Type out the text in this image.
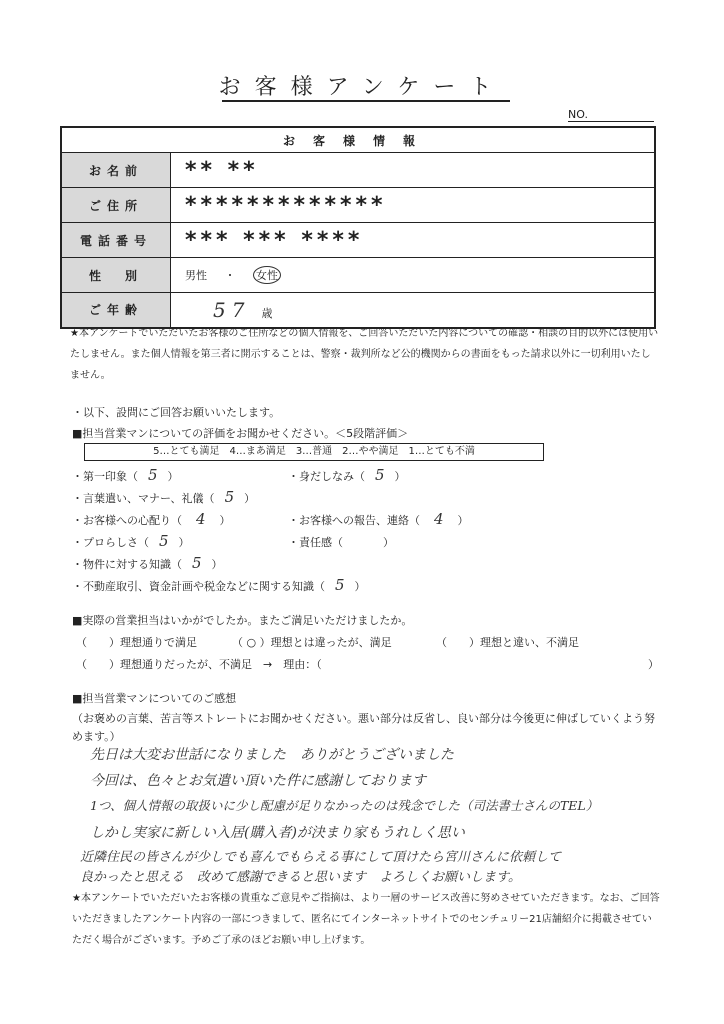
お客様アンケート
NO.
お客様情報	
お名前	** **
ご住所	*************
電話番号	*** *** ****
性　別	男性 ・ 女性
ご年齢	57 歳
★本アンケートでいただいたお客様のご住所などの個人情報を、ご回答いただいた内容についての確認・相談の目的以外には使用いたしません。また個人情報を第三者に開示することは、警察・裁判所など公的機関からの書面をもった請求以外に一切利用いたしません。
・以下、設問にご回答お願いいたします。
■担当営業マンについての評価をお聞かせください。＜5段階評価＞
5…とても満足　4…まあ満足　3…普通　2…やや満足　1…とても不満
・第一印象（ 5 ）	・身だしなみ（ 5 ）
・言葉遣い、マナー、礼儀（ 5 ）
・お客様への心配り（ 4 ）	・お客様への報告、連絡（ 4 ）
・プロらしさ（ 5 ）	・責任感（	）
・物件に対する知識（ 5 ）
・不動産取引、資金計画や税金などに関する知識（ 5 ）
■実際の営業担当はいかがでしたか。またご満足いただけましたか。
（　　）理想通りで満足	（ ○ ）理想とは違ったが、満足	（　　）理想と違い、不満足
（　　）理想通りだったが、不満足　→　理由：（	）
■担当営業マンについてのご感想
（お褒めの言葉、苦言等ストレートにお聞かせください。悪い部分は反省し、良い部分は今後更に伸ばしていくよう努めます。）
先日は大変お世話になりました　ありがとうございました
今回は、色々とお気遣い頂いた件に感謝しております
1つ、個人情報の取扱いに少し配慮が足りなかったのは残念でした（司法書士さんのTEL）
しかし実家に新しい入居(購入者)が決まり家もうれしく思い
近隣住民の皆さんが少しでも喜んでもらえる事にして頂けたら宮川さんに依頼して
良かったと思える　改めて感謝できると思います　よろしくお願いします。
★本アンケートでいただいたお客様の貴重なご意見やご指摘は、より一層のサービス改善に努めさせていただきます。なお、ご回答いただきましたアンケート内容の一部につきまして、匿名にてインターネットサイトでのセンチュリー21店舗紹介に掲載させていただく場合がございます。予めご了承のほどお願い申し上げます。
